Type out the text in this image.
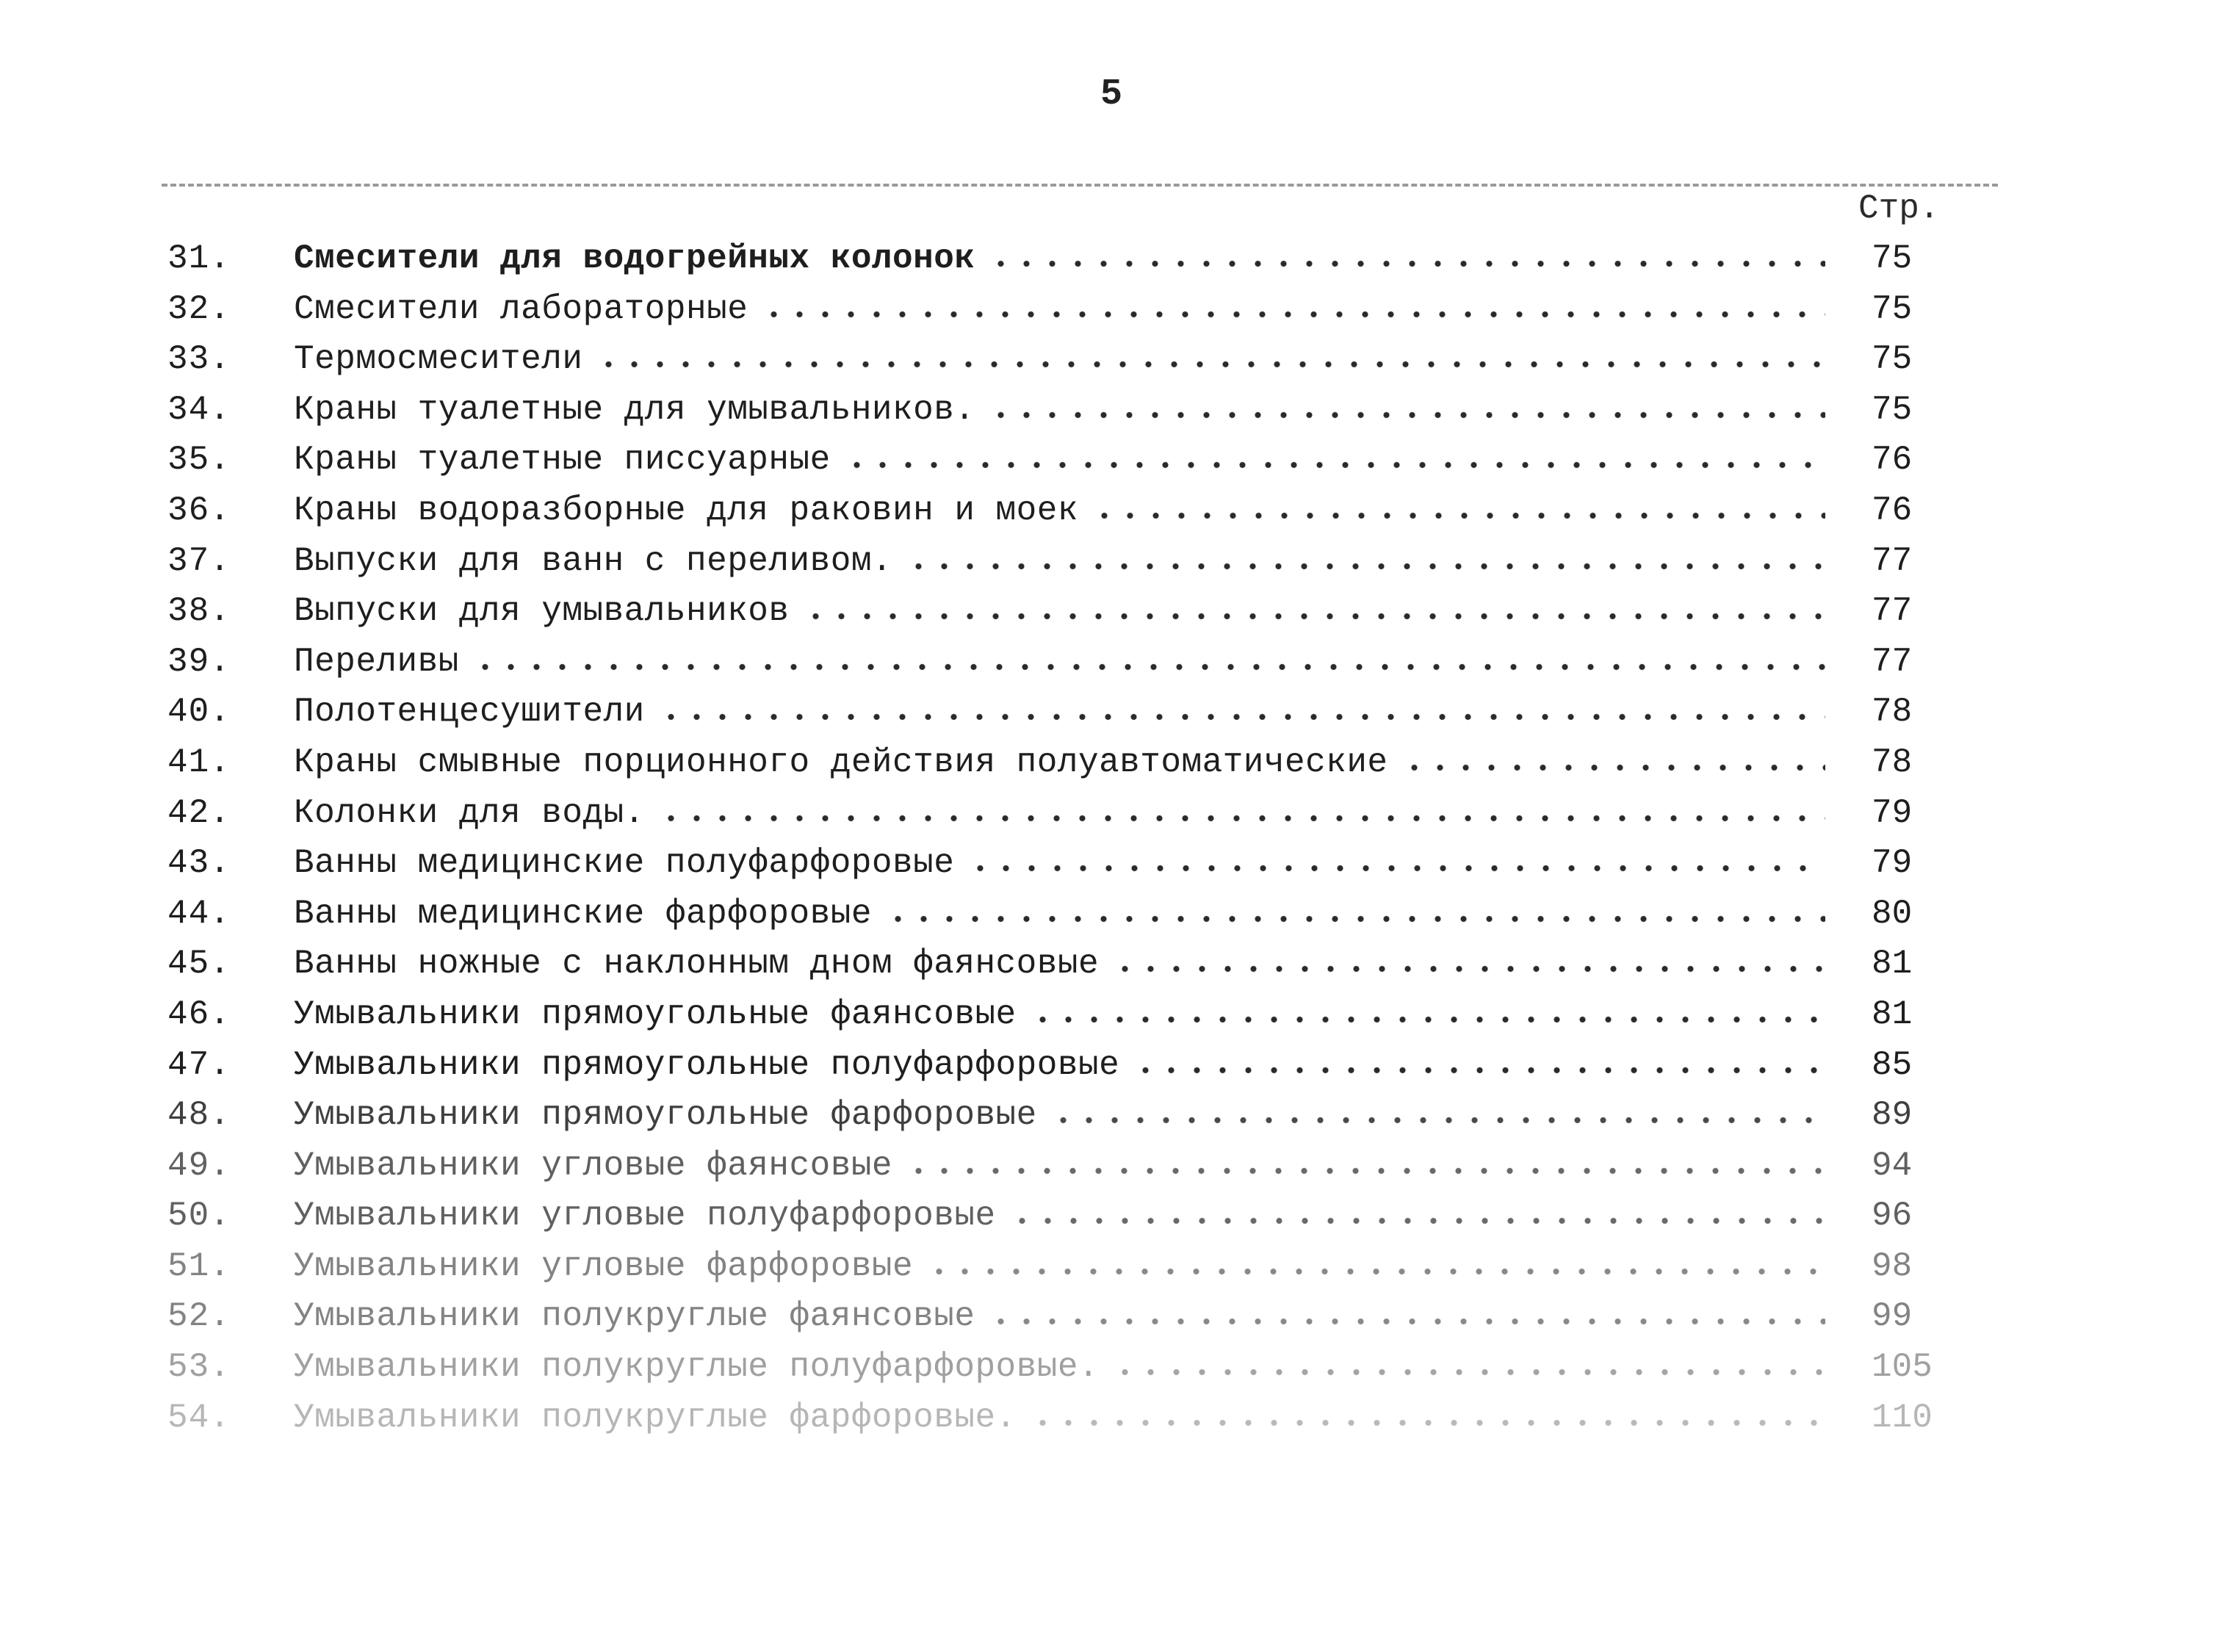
5
Стр.
31. Смесители для водогрейных колонок	75
32. Смесители лабораторные	75
33. Термосмесители	75
34. Краны туалетные для умывальников.	75
35. Краны туалетные писсуарные	76
36. Краны водоразборные для раковин и моек	76
37. Выпуски для ванн с переливом.	77
38. Выпуски для умывальников	77
39. Переливы	77
40. Полотенцесушители	78
41. Краны смывные порционного действия полуавтоматические	78
42. Колонки для воды.	79
43. Ванны медицинские полуфарфоровые	79
44. Ванны медицинские фарфоровые	80
45. Ванны ножные с наклонным дном фаянсовые	81
46. Умывальники прямоугольные фаянсовые	81
47. Умывальники прямоугольные полуфарфоровые	85
48. Умывальники прямоугольные фарфоровые	89
49. Умывальники угловые фаянсовые	94
50. Умывальники угловые полуфарфоровые	96
51. Умывальники угловые фарфоровые	98
52. Умывальники полукруглые фаянсовые	99
53. Умывальники полукруглые полуфарфоровые.	105
54. Умывальники полукруглые фарфоровые.	110
